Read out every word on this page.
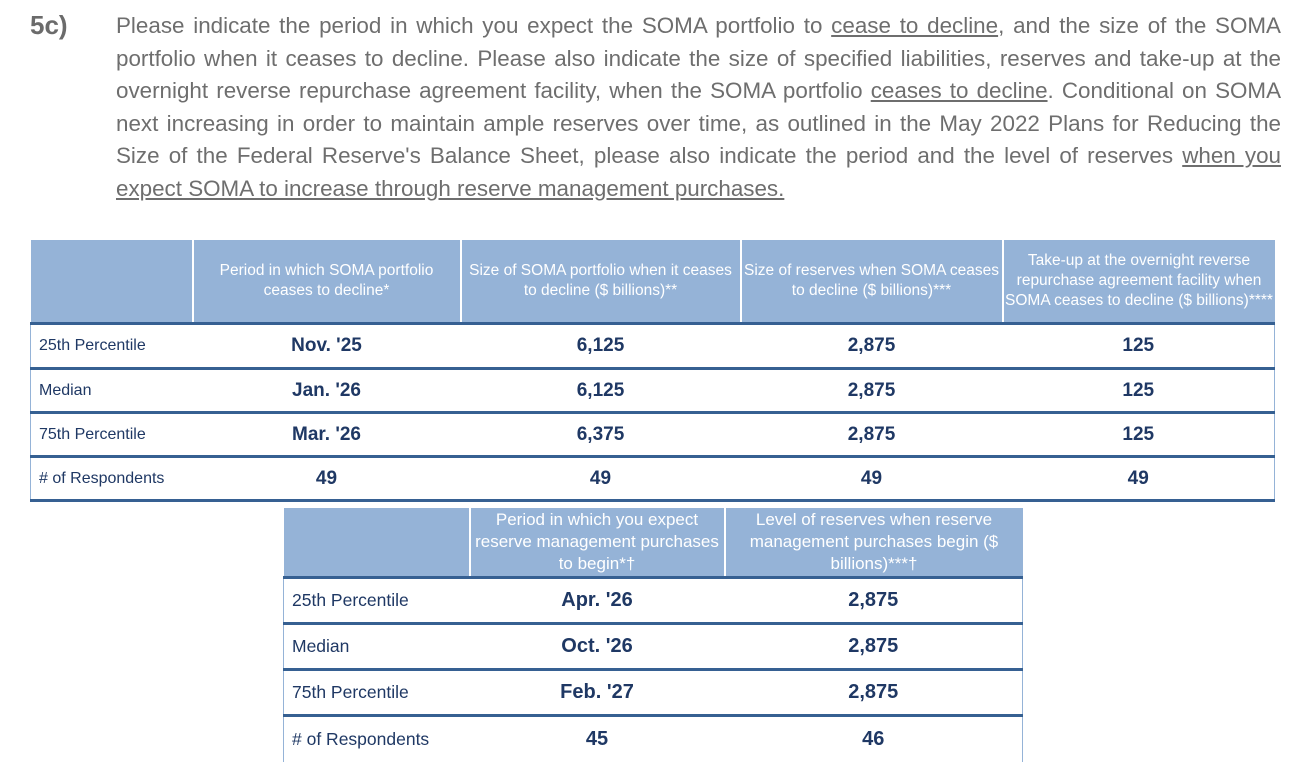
5c) Please indicate the period in which you expect the SOMA portfolio to cease to decline, and the size of the SOMA portfolio when it ceases to decline. Please also indicate the size of specified liabilities, reserves and take-up at the overnight reverse repurchase agreement facility, when the SOMA portfolio ceases to decline. Conditional on SOMA next increasing in order to maintain ample reserves over time, as outlined in the May 2022 Plans for Reducing the Size of the Federal Reserve's Balance Sheet, please also indicate the period and the level of reserves when you expect SOMA to increase through reserve management purchases.
	Period in which SOMA portfolio ceases to decline*	Size of SOMA portfolio when it ceases to decline ($ billions)**	Size of reserves when SOMA ceases to decline ($ billions)***	Take-up at the overnight reverse repurchase agreement facility when SOMA ceases to decline ($ billions)****
25th Percentile	Nov. '25	6,125	2,875	125
Median	Jan. '26	6,125	2,875	125
75th Percentile	Mar. '26	6,375	2,875	125
# of Respondents	49	49	49	49
	Period in which you expect reserve management purchases to begin*†	Level of reserves when reserve management purchases begin ($ billions)***†
25th Percentile	Apr. '26	2,875
Median	Oct. '26	2,875
75th Percentile	Feb. '27	2,875
# of Respondents	45	46
